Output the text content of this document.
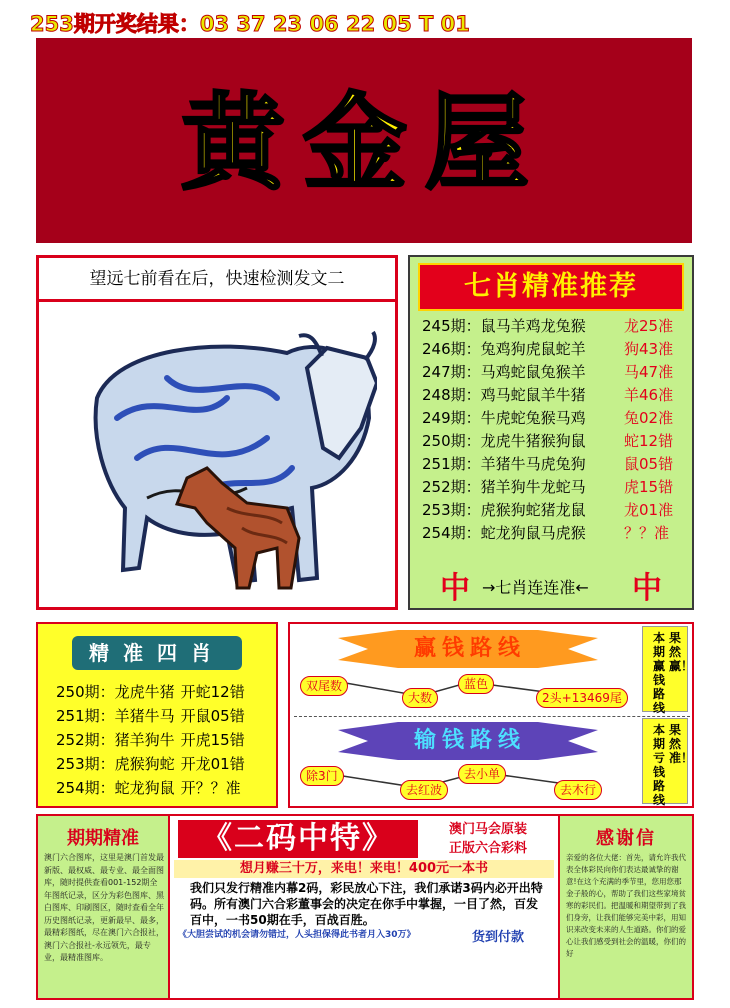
253期开奖结果：03 37 23 06 22 05 T 01
黄金屋
望远七前看在后，快速检测发文二	七肖精准推荐
245期：鼠马羊鸡龙兔猴	龙25准
246期：兔鸡狗虎鼠蛇羊	狗43准
247期：马鸡蛇鼠兔猴羊	马47准
248期：鸡马蛇鼠羊牛猪	羊46准
249期：牛虎蛇兔猴马鸡	兔02准
250期：龙虎牛猪猴狗鼠	蛇12错
251期：羊猪牛马虎兔狗	鼠05错
252期：猪羊狗牛龙蛇马	虎15错
253期：虎猴狗蛇猪龙鼠	龙01准
254期：蛇龙狗鼠马虎猴	？？准
中 →七肖连连准← 中
精准四肖
250期：龙虎牛猪 开蛇12错
251期：羊猪牛马 开鼠05错
252期：猪羊狗牛 开虎15错
253期：虎猴狗蛇 开龙01错
254期：蛇龙狗鼠 开？？准
赢钱路线
双尾数
大数
蓝色
2头+13469尾
本期赢钱路线
果然赢！
输钱路线
除3门
去红波
去小单
去木行
本期亏钱路线
果然准！
期期精准
澳门六合图库，这里是澳门首发最新版、最权威、最专业、最全面图库，随时提供查看001-152期全年图纸记录，区分为彩色图库、黑白图库、印刷图区，随时查看全年历史图纸记录，更新最早、最多，最精彩图纸，尽在澳门六合报社，澳门六合报社-永远领先，最专业，最精准图库。
《二码中特》	澳门马会原装
正版六合彩料
想月赚三十万，来电！来电！400元一本书
我们只发行精准内幕2码，彩民放心下注，我们承诺3码内必开出特码。所有澳门六合彩董事会的决定在你手中掌握，一目了然，百发百中，一书50期在手，百战百胜。
《大胆尝试的机会请勿错过，人头担保得此书者月入30万》	货到付款
感谢信
亲爱的各位大佬：首先，请允许我代表全体彩民向你们表达最诚挚的谢意!在这个充满的季节里，您用您那金子般的心，帮助了我们这些家境贫寒的彩民们。把温暖和期望带到了我们身旁，让我们能够完美中彩，用知识来改变未来的人生道路。你们的爱心让我们感受到社会的温暖，你们的好
